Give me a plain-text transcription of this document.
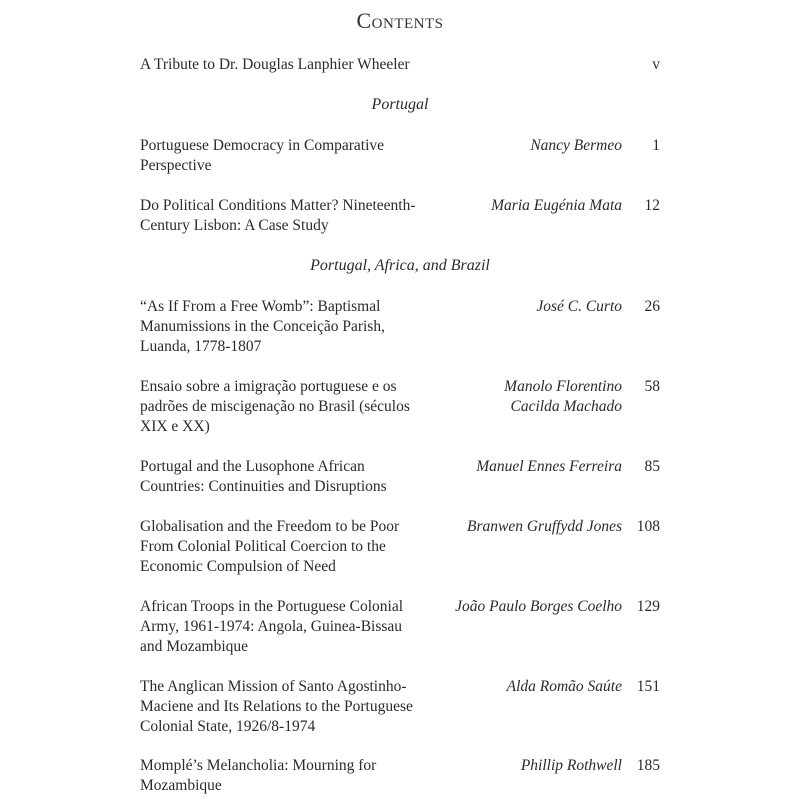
Contents
A Tribute to Dr. Douglas Lanphier Wheeler	v
Portugal
Portuguese Democracy in Comparative
Perspective
Nancy Bermeo	1
Do Political Conditions Matter? Nineteenth-
Century Lisbon: A Case Study
Maria Eugénia Mata	12
Portugal, Africa, and Brazil
“As If From a Free Womb”: Baptismal
Manumissions in the Conceição Parish,
Luanda, 1778-1807
José C. Curto	26
Ensaio sobre a imigração portuguese e os
padrões de miscigenação no Brasil (séculos
XIX e XX)
Manolo Florentino
Cacilda Machado
58
Portugal and the Lusophone African
Countries: Continuities and Disruptions
Manuel Ennes Ferreira	85
Globalisation and the Freedom to be Poor
From Colonial Political Coercion to the
Economic Compulsion of Need
Branwen Gruffydd Jones 108
African Troops in the Portuguese Colonial
Army, 1961-1974: Angola, Guinea-Bissau
and Mozambique
João Paulo Borges Coelho 129
The Anglican Mission of Santo Agostinho-
Maciene and Its Relations to the Portuguese
Colonial State, 1926/8-1974
Alda Romão Saúte 151
Momplé’s Melancholia: Mourning for
Mozambique
Phillip Rothwell 185
